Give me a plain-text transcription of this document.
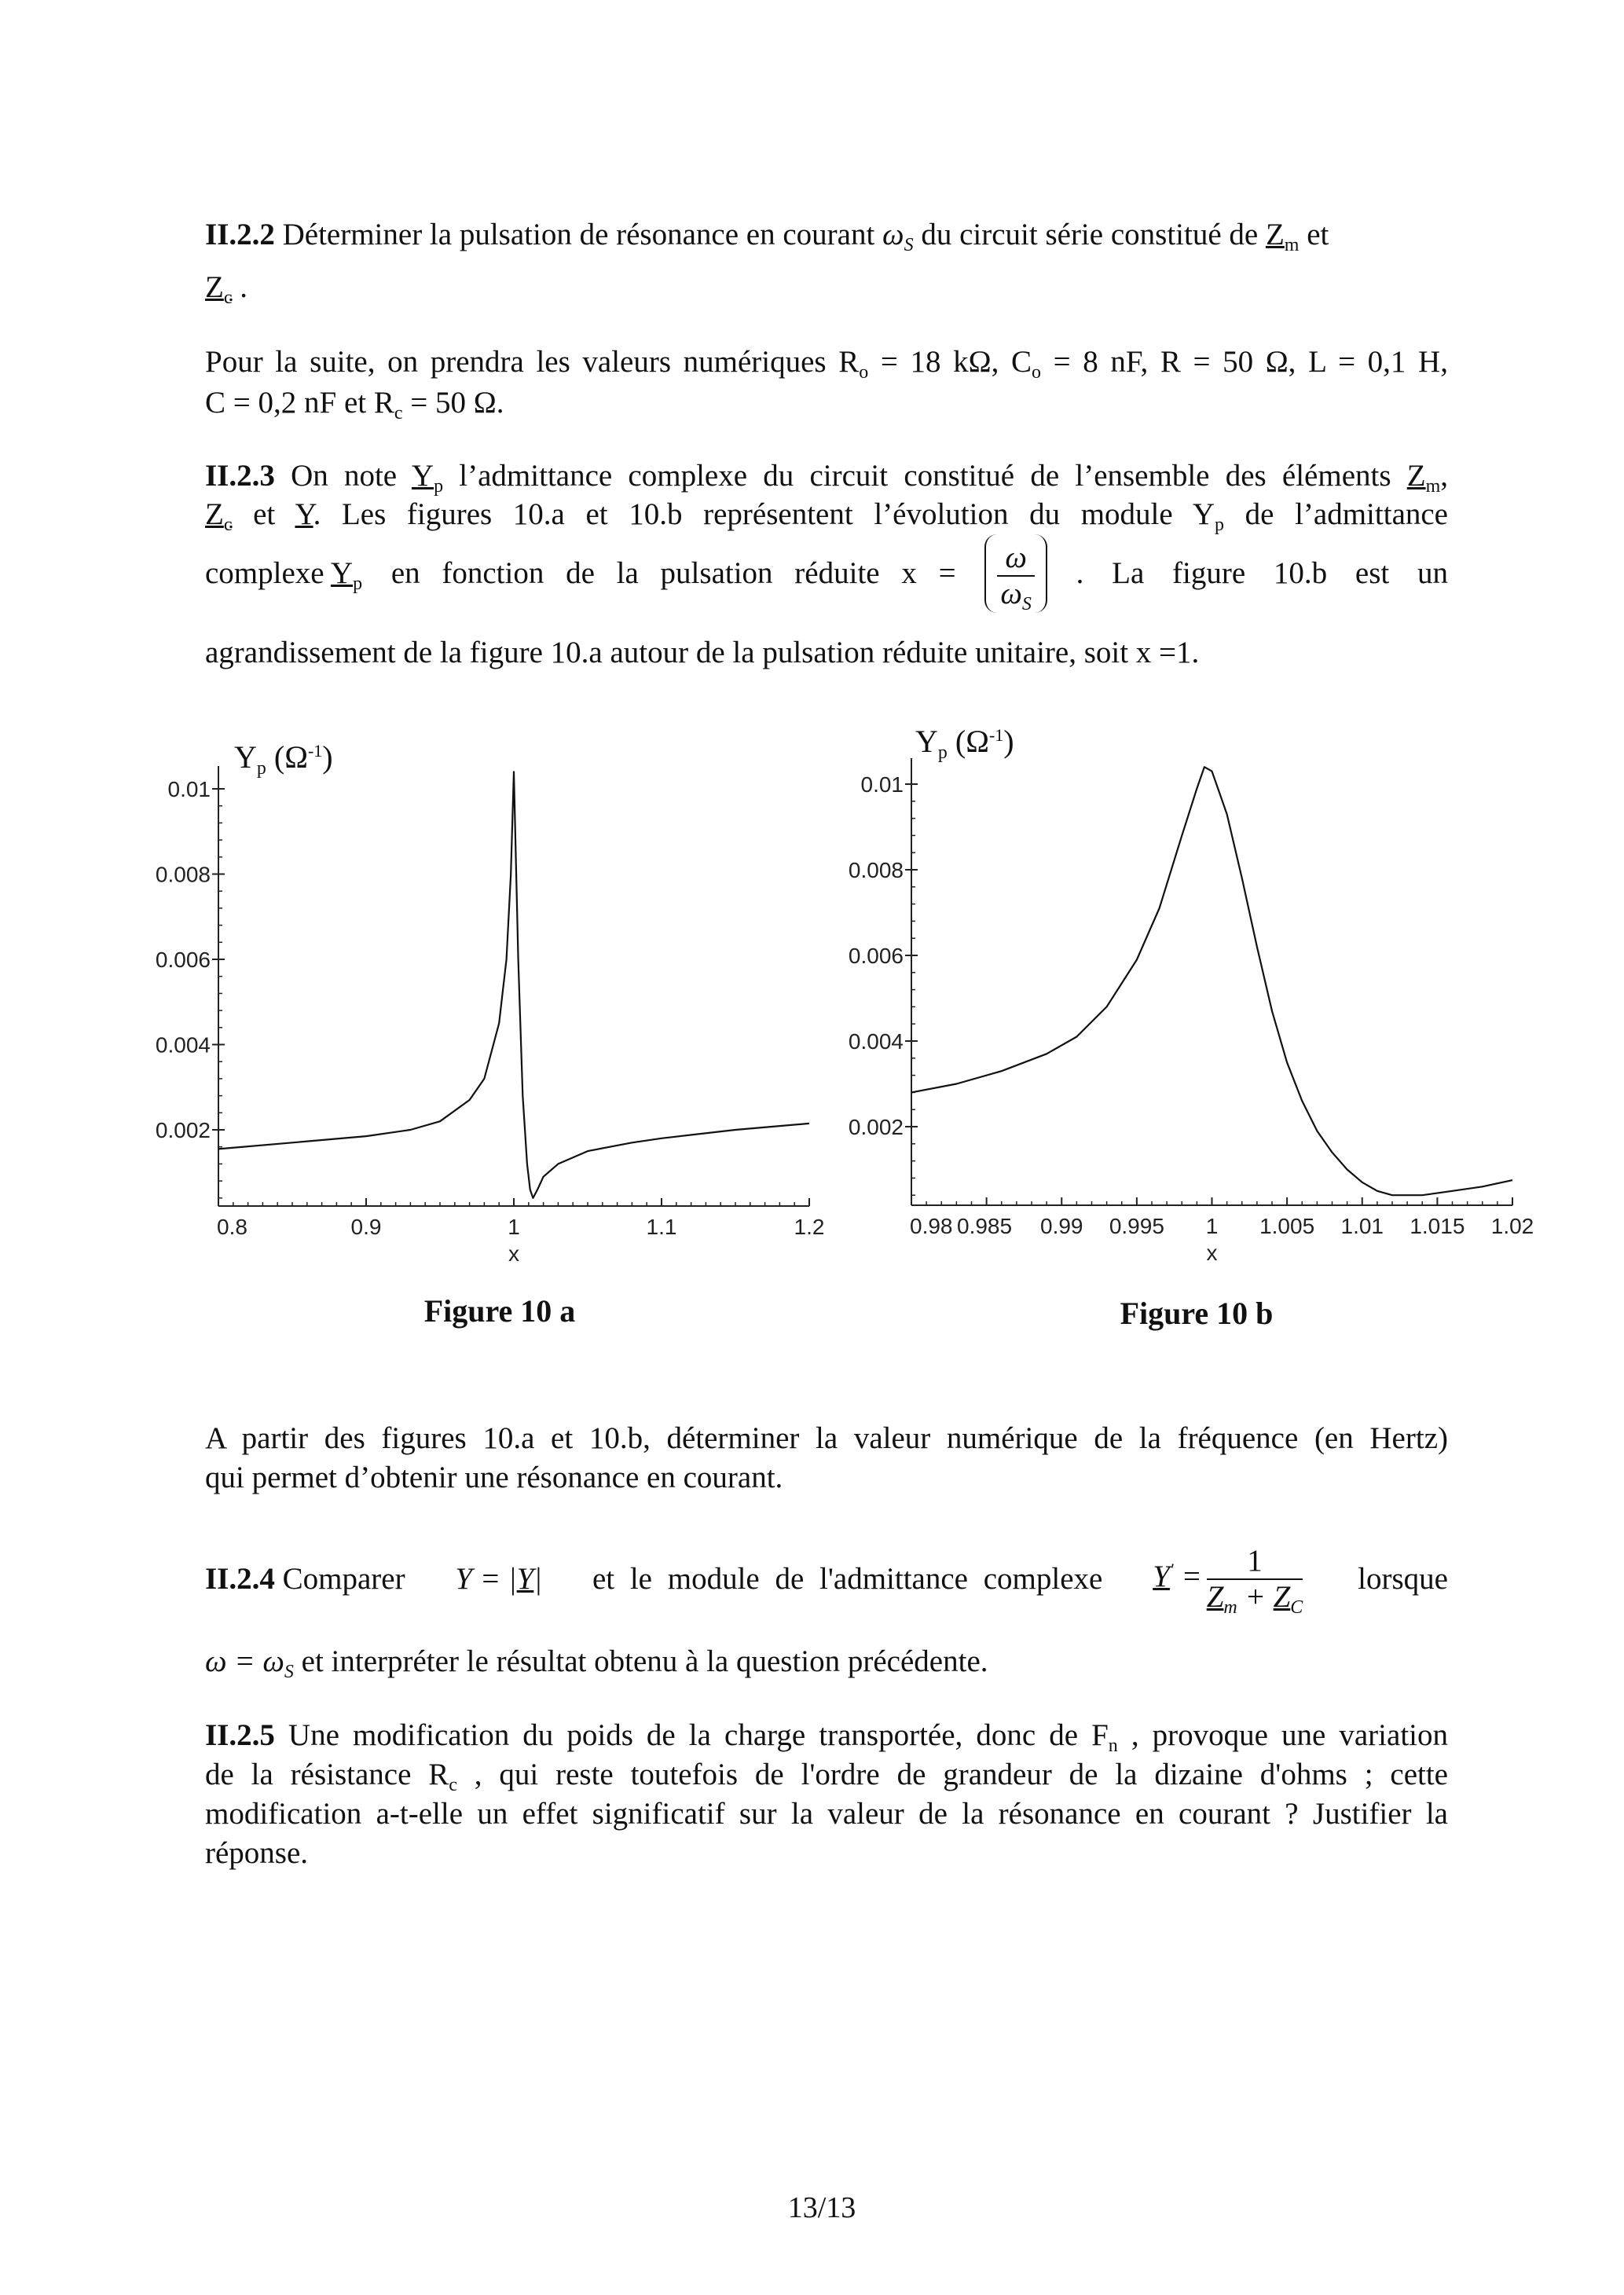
II.2.2 Déterminer la pulsation de résonance en courant $\omega_S$ du circuit série constitué de $Z_m$ et
$Z_c$ .
Pour la suite, on prendra les valeurs numériques $R_o = 18$ kΩ, $C_o = 8$ nF, R = 50 Ω, L = 0,1 H,
C = 0,2 nF et $R_c = 50$ Ω.
II.2.3 On note $Y_p$ l’admittance complexe du circuit constitué de l’ensemble des éléments $Z_m$,
$Z_c$ et Y. Les figures 10.a et 10.b représentent l’évolution du module $Y_p$ de l’admittance
complexe $Y_p$ en fonction de la pulsation réduite $x = \frac{\omega}{\omega_S}$ . La figure 10.b est un
agrandissement de la figure 10.a autour de la pulsation réduite unitaire, soit x =1.
$Y_p$ $(\Omega^{-1})$	$Y_p$ $(\Omega^{-1})$
0.002
0.004
0.006
0.008
0.01
0.8	0.9	1	1.1	1.2
x
0.002
0.004
0.006
0.008
0.01
0.98 0.985 0.99 0.995 1 1.005 1.01 1.015 1.02
x
Figure 10 a	Figure 10 b
A partir des figures 10.a et 10.b, déterminer la valeur numérique de la fréquence (en Hertz)
qui permet d’obtenir une résonance en courant.
II.2.4 Comparer Y = |Y| et le module de l'admittance complexe $Y' = \frac{1}{Z_m + Z_C}$ lorsque
$\omega = \omega_S$ et interpréter le résultat obtenu à la question précédente.
II.2.5 Une modification du poids de la charge transportée, donc de $F_n$ , provoque une variation
de la résistance $R_c$ , qui reste toutefois de l'ordre de grandeur de la dizaine d'ohms ; cette
modification a-t-elle un effet significatif sur la valeur de la résonance en courant ? Justifier la
réponse.
13/13
